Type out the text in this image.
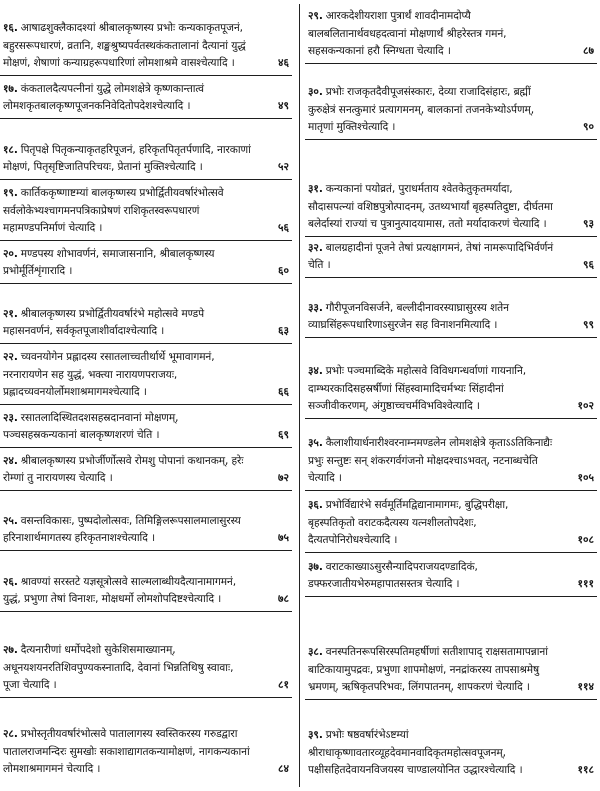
१६. आषाढशुक्लैकादश्यां श्रीबालकृष्णस्य प्रभोः कन्यकाकृतपूजनं, बहुरसरूपधारणं, व्रतानि, शङ्खश्रुष्यपर्वतस्थकंकतालानां दैत्यानां युद्धं मोक्षणं, शेषाणां कन्याग्रहरूपधारिणां लोमशाश्रमे वासश्चेत्यादि ।	४६
१७. कंकतालदैत्यपत्नीनां युद्धे लोमशक्षेत्रे कृष्णकान्तात्वं लोमशकृतबालकृष्णपूजनकनिवेदितोपदेशश्चेत्यादि ।	४९
१८. पितृपक्षे पितृकन्याकृतहरिपूजनं, हरिकृतपितृतर्पणादि, नारकाणां मोक्षणं, पितृसृष्टिजातिपरिचयः, प्रेतानां मुक्तिश्चेत्यादि ।	५२
१९. कार्तिककृष्णाष्टम्यां बालकृष्णस्य प्रभोर्द्वितीयवर्षारंभोत्सवे सर्वलोकेभ्यश्चागमनपत्रिकाप्रेषणं राशिकृतस्वरूपधारणं महामण्डपनिर्माणं चेत्यादि ।	५६
२०. मण्डपस्य शोभावर्णनं, समाजासनानि, श्रीबालकृष्णस्य प्रभोर्मूर्तिशृंगारादि ।	६०
२१. श्रीबालकृष्णस्य प्रभोर्द्वितीयवर्षारंभे महोत्सवे मण्डपे महासनवर्णनं, सर्वकृतपूजाशीर्वादाश्चेत्यादि ।	६३
२२. च्यवनयोगेन प्रह्लादस्य रसातलाच्चतीर्थार्थे भूमावागमनं, नरनारायणेन सह युद्धं, भक्त्या नारायणपराजयः, प्रह्लादच्यवनयोर्लोमशाश्रमागमश्चेत्यादि ।	६६
२३. रसातलादिस्थितदशसहस्रदानवानां मोक्षणम्, पञ्चसहस्रकन्यकानां बालकृष्णशरणं चेति ।	६९
२४. श्रीबालकृष्णस्य प्रभोर्जीर्णोत्सवे रोमशु पोपानां कथानकम्, हरेः रोम्णां तु नारायणस्य चेत्यादि ।	७२
२५. वसन्तविकासः, पुष्पदोलोत्सवः, तिमिङ्गिलरूपसालमालासुरस्य हरिनाशार्थमागतस्य हरिकृतनाशश्चेत्यादि ।	७५
२६. श्रावण्यां सरस्तटे यज्ञसूत्रोत्सवे साल्मलाब्धीयदैत्यानामागमनं, युद्धं, प्रभुणा तेषां विनाशः, मोक्षधर्मो लोमशोपदिष्टश्चेत्यादि ।	७८
२७. दैत्यनारीणां धर्मोपदेशो सुकेशिसमाख्यानम्, अधूनयशयनरतिशिवपुण्यकस्नातादि, देवानां भिन्नतिथिषु स्वावाः, पूजा चेत्यादि ।	८१
२८. प्रभोस्तृतीयवर्षारंभोत्सवे पातालागस्य स्वस्तिकरस्य गरुडद्वारा पातालराजमन्दिरः सुमखोः सकाशाद्यागतकन्यामोक्षणं, नागकन्यकानां लोमशाश्रमागमनं चेत्यादि ।	८४
२९. आरकदेशीयराशा पुत्रार्थं शावदीनामदोप्यै बालबलितानार्थवधहदत्वानां मोक्षणार्थं श्रीहरेस्तत्र गमनं, सहसकन्यकानां हरौ स्निग्धता चेत्यादि ।	८७
३०. प्रभोः राजकृतदैवीपूजसंस्कारः, देव्या राजादिसंहारः, ब्रह्मीं कुरुक्षेत्रं सनत्कुमारं प्रत्यागमनम्, बालकानां तजनकेभ्योऽर्पणम्, मातृणां मुक्तिश्चेत्यादि ।	९०
३१. कन्यकानां पयोव्रतं, पुराधर्मताय श्वेतकेतुकृतमर्यादा, सौदासपत्न्यां वशिष्ठपुत्रोत्पादनम्, उतथ्यभार्यां बृहस्पतिदुष्टा, दीर्घतमा बलेर्दास्यां राज्यां च पुत्रानुत्पादयामास, ततो मर्यादाकरणं चेत्यादि ।	९३
३२. बालग्रहादीनां पूजने तेषां प्रत्यक्षागमनं, तेषां नामरूपादिभिर्वर्णनं चेति ।	९६
३३. गौरीपूजनविसर्जने, बल्लीदीनावरस्याघ्रासुरस्य शतेन व्याघ्रसिंहरूपधारिणाऽसुरजेन सह विनाशनमित्यादि ।	९९
३४. प्रभोः पञ्चमाब्दिके महोत्सवे विविधगन्धर्वाणां गायनानि, दाम्भ्यरकादिसहस्रर्षीणां सिंहस्वामादिचर्मभ्यः सिंहादीनां सञ्जीवीकरणम्, अंगुष्ठाच्चचर्मविभविश्वेत्यादि ।	१०२
३५. कैलाशीयार्धनारीश्वरनाम्नमण्डलेन लोमशक्षेत्रे कृताऽऽतिकिनाद्यैः प्रभुः सन्तुष्टः सन् शंकरगर्वगंजनो मोक्षदश्चाऽभवत्, नटनाब्धचेति चेत्यादि ।	१०५
३६. प्रभोर्विद्यारंभे सर्वमूर्तिमद्विद्यानामागमः, बुद्धिपरीक्षा, बृहस्पतिकृतो वराटकदैत्यस्य यत्नशीलतोपदेशः, दैत्यतपोनिरोधश्चेत्यादि ।	१०८
३७. वराटकाख्याऽसुरसैन्यादिपराजयदण्डादिकं, डफ्फरजातीयभेरुमहापातसस्तत्र चेत्यादि ।	१११
३८. वनस्पतिनरूपसिरस्पतिमहर्षीणां सतीशापाद् राक्षसतामापन्नानां बाटिकायामुपद्रवः, प्रभुणा शापमोक्षणं, ननद्रांकरस्य तापसाश्रमेषु भ्रमणम्, ऋषिकृतपरिभवः, लिंगपातनम्, शापकरणं चेत्यादि ।	११४
३९. प्रभोः षष्ठवर्षारंभेऽष्टम्यां श्रीराधाकृष्णावतारव्यूहदेवमानवादिकृतमहोत्सवपूजनम्, पक्षीसहितदेवायनविजयस्य चाण्डालयोनित उद्धारश्चेत्यादि ।	११८
